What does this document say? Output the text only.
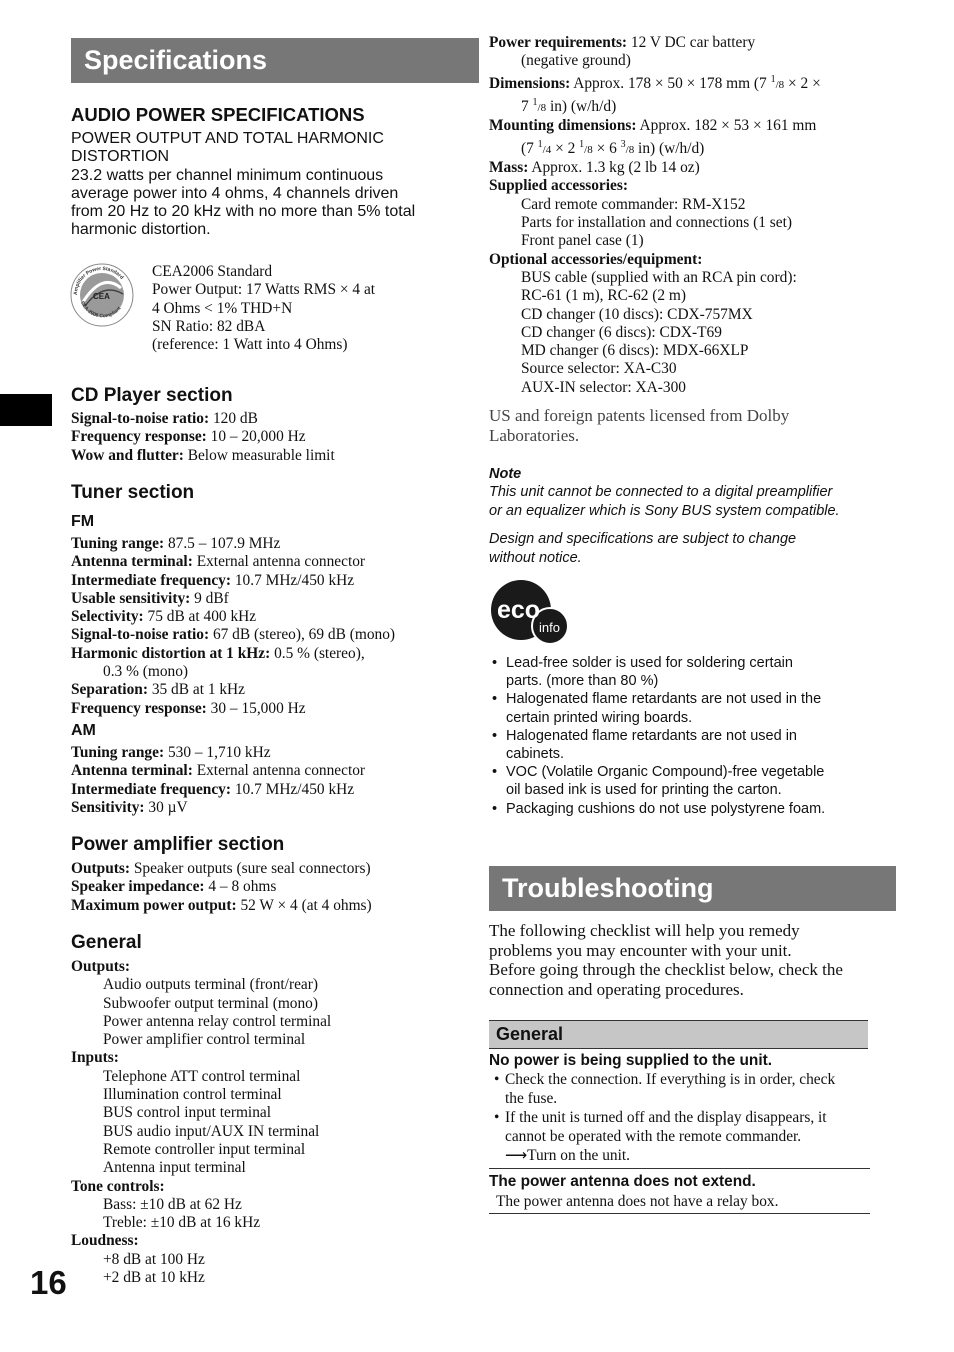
16
Specifications
AUDIO POWER SPECIFICATIONS
POWER OUTPUT AND TOTAL HARMONIC
DISTORTION
23.2 watts per channel minimum continuous
average power into 4 ohms, 4 channels driven
from 20 Hz to 20 kHz with no more than 5% total
harmonic distortion.
CEA
Amplifier Power Standard
CEA-2006 Compliant
CEA2006 Standard
Power Output: 17 Watts RMS × 4 at
4 Ohms < 1% THD+N
SN Ratio: 82 dBA
(reference: 1 Watt into 4 Ohms)
CD Player section
Signal-to-noise ratio: 120 dB
Frequency response: 10 – 20,000 Hz
Wow and flutter: Below measurable limit
Tuner section
FM
Tuning range: 87.5 – 107.9 MHz
Antenna terminal: External antenna connector
Intermediate frequency: 10.7 MHz/450 kHz
Usable sensitivity: 9 dBf
Selectivity: 75 dB at 400 kHz
Signal-to-noise ratio: 67 dB (stereo), 69 dB (mono)
Harmonic distortion at 1 kHz: 0.5 % (stereo),
0.3 % (mono)
Separation: 35 dB at 1 kHz
Frequency response: 30 – 15,000 Hz
AM
Tuning range: 530 – 1,710 kHz
Antenna terminal: External antenna connector
Intermediate frequency: 10.7 MHz/450 kHz
Sensitivity: 30 µV
Power amplifier section
Outputs: Speaker outputs (sure seal connectors)
Speaker impedance: 4 – 8 ohms
Maximum power output: 52 W × 4 (at 4 ohms)
General
Outputs:
Audio outputs terminal (front/rear)
Subwoofer output terminal (mono)
Power antenna relay control terminal
Power amplifier control terminal
Inputs:
Telephone ATT control terminal
Illumination control terminal
BUS control input terminal
BUS audio input/AUX IN terminal
Remote controller input terminal
Antenna input terminal
Tone controls:
Bass: ±10 dB at 62 Hz
Treble: ±10 dB at 16 kHz
Loudness:
+8 dB at 100 Hz
+2 dB at 10 kHz
Power requirements: 12 V DC car battery
(negative ground)
Dimensions: Approx. 178 × 50 × 178 mm (7 $^1$/8 × 2 ×
7 $^1$/8 in) (w/h/d)
Mounting dimensions: Approx. 182 × 53 × 161 mm
(7 $^1$/4 × 2 $^1$/8 × 6 $^3$/8 in) (w/h/d)
Mass: Approx. 1.3 kg (2 lb 14 oz)
Supplied accessories:
Card remote commander: RM-X152
Parts for installation and connections (1 set)
Front panel case (1)
Optional accessories/equipment:
BUS cable (supplied with an RCA pin cord):
RC-61 (1 m), RC-62 (2 m)
CD changer (10 discs): CDX-757MX
CD changer (6 discs): CDX-T69
MD changer (6 discs): MDX-66XLP
Source selector: XA-C30
AUX-IN selector: XA-300
US and foreign patents licensed from Dolby
Laboratories.
Note
This unit cannot be connected to a digital preamplifier
or an equalizer which is Sony BUS system compatible.
Design and specifications are subject to change
without notice.
eco
info
• Lead-free solder is used for soldering certain
parts. (more than 80 %)
• Halogenated flame retardants are not used in the
certain printed wiring boards.
• Halogenated flame retardants are not used in
cabinets.
• VOC (Volatile Organic Compound)-free vegetable
oil based ink is used for printing the carton.
• Packaging cushions do not use polystyrene foam.
Troubleshooting
The following checklist will help you remedy
problems you may encounter with your unit.
Before going through the checklist below, check the
connection and operating procedures.
General
No power is being supplied to the unit.
• Check the connection. If everything is in order, check
the fuse.
• If the unit is turned off and the display disappears, it
cannot be operated with the remote commander.
⟶Turn on the unit.
The power antenna does not extend.
The power antenna does not have a relay box.
